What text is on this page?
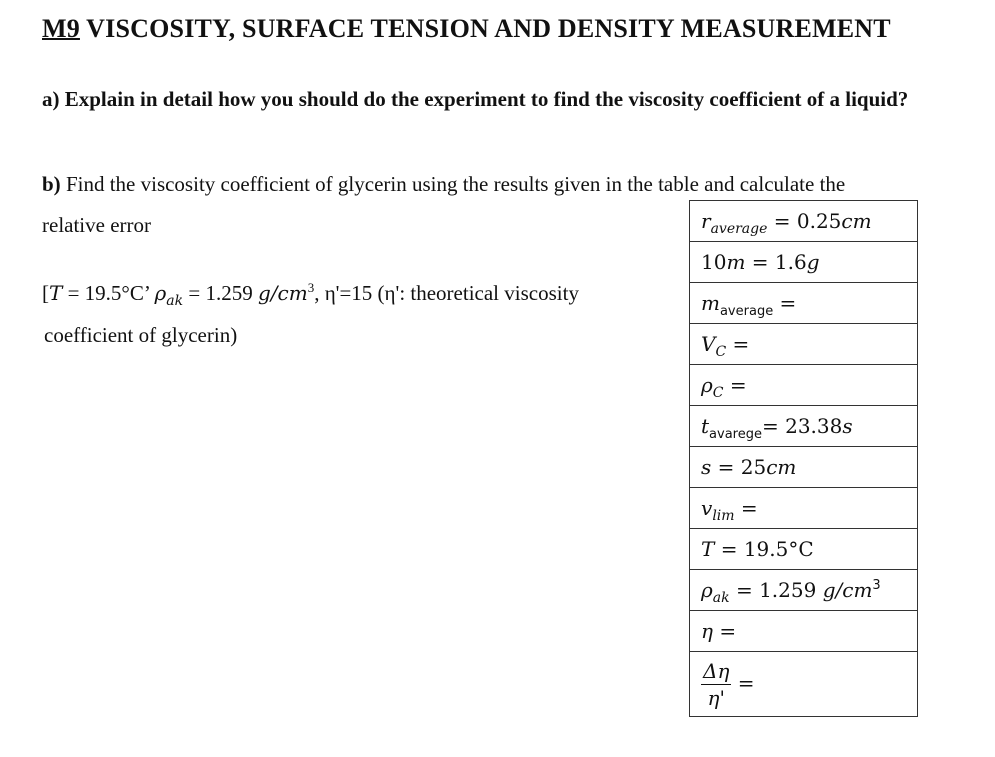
M9 VISCOSITY, SURFACE TENSION AND DENSITY MEASUREMENT
a) Explain in detail how you should do the experiment to find the viscosity coefficient of a liquid?
b) Find the viscosity coefficient of glycerin using the results given in the table and calculate the
relative error
[T = 19.5°C’ $\rho_{ak} = 1.259$ $g/cm^3$, η'=15 (η': theoretical viscosity
coefficient of glycerin)
$r_{average} = 0.25cm$
10m = 1.6g
$m_{average}$ =
$V_C$ =
$\rho_C$ =
$t_{avarege}= 23.38s$
s = 25cm
$v_{lim}$ =
T = 19.5°C
$\rho_{ak} = 1.259$ $g/cm^3$
η =

$\frac{\Delta\eta}{\eta'}$ =
